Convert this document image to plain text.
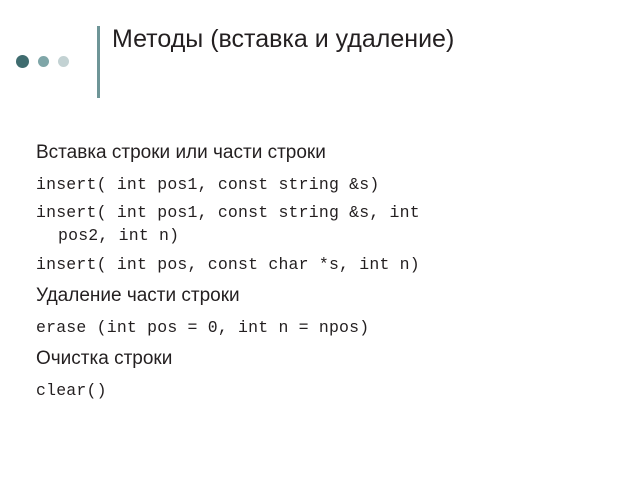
Методы (вставка и удаление)
Вставка строки или части строки
insert( int pos1, const string &s)
insert( int pos1, const string &s, int
pos2, int n)
insert( int pos, const char *s, int n)
Удаление части строки
erase (int pos = 0, int n = npos)
Очистка строки
clear()
